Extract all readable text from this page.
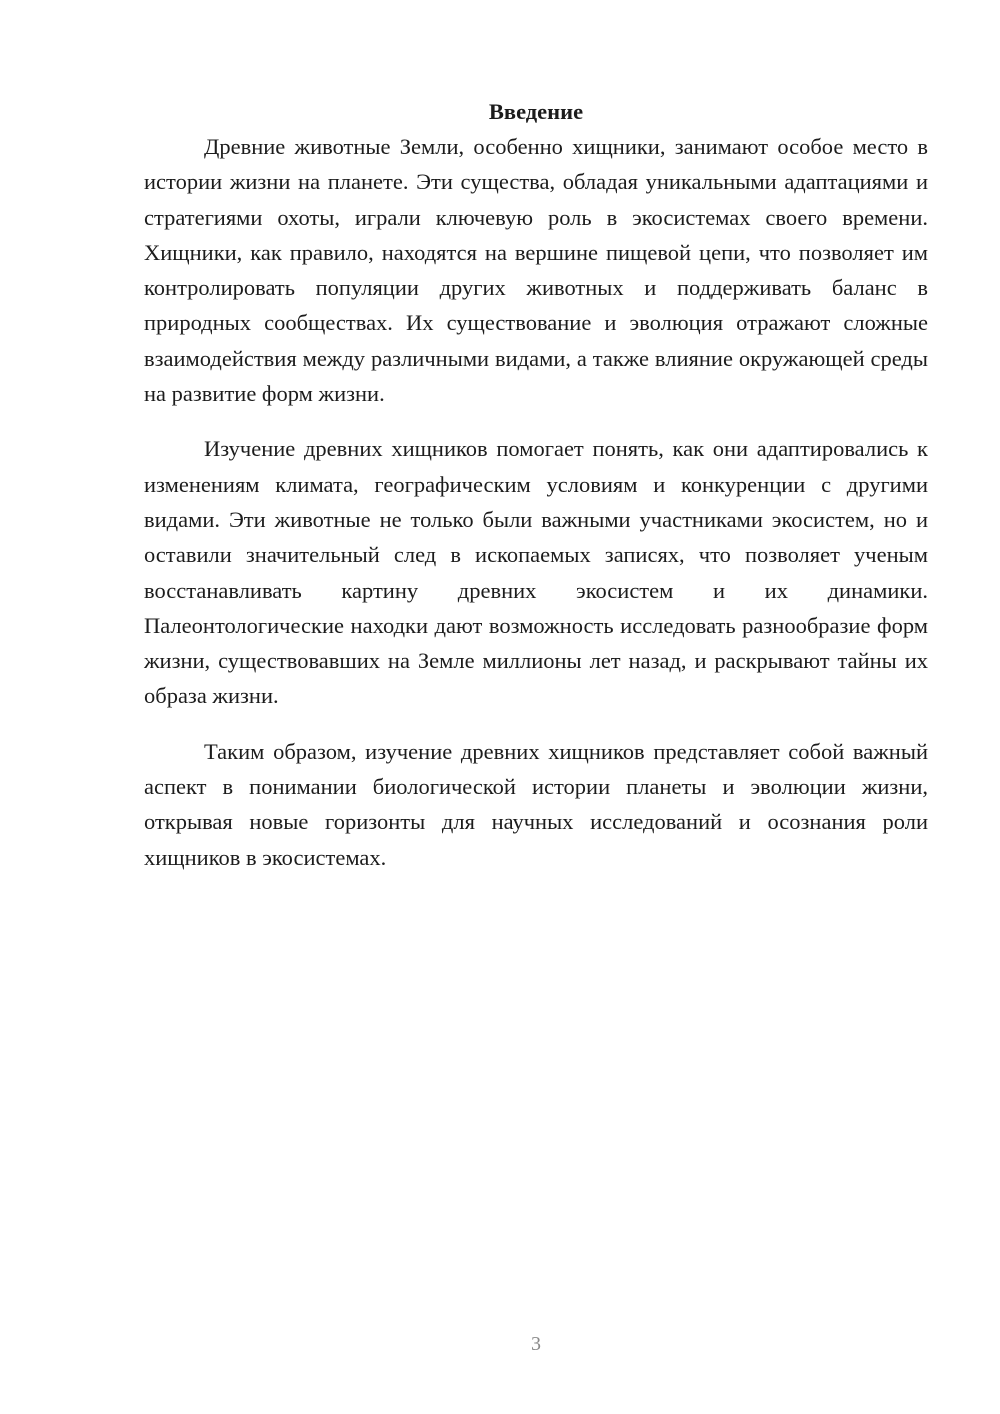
Введение

Древние животные Земли, особенно хищники, занимают особое место в истории жизни на планете. Эти существа, обладая уникальными адаптациями и стратегиями охоты, играли ключевую роль в экосистемах своего времени. Хищники, как правило, находятся на вершине пищевой цепи, что позволяет им контролировать популяции других животных и поддерживать баланс в природных сообществах. Их существование и эволюция отражают сложные взаимодействия между различными видами, а также влияние окружающей среды на развитие форм жизни.

Изучение древних хищников помогает понять, как они адаптировались к изменениям климата, географическим условиям и конкуренции с другими видами. Эти животные не только были важными участниками экосистем, но и оставили значительный след в ископаемых записях, что позволяет ученым восстанавливать картину древних экосистем и их динамики. Палеонтологические находки дают возможность исследовать разнообразие форм жизни, существовавших на Земле миллионы лет назад, и раскрывают тайны их образа жизни.

Таким образом, изучение древних хищников представляет собой важный аспект в понимании биологической истории планеты и эволюции жизни, открывая новые горизонты для научных исследований и осознания роли хищников в экосистемах.

3
